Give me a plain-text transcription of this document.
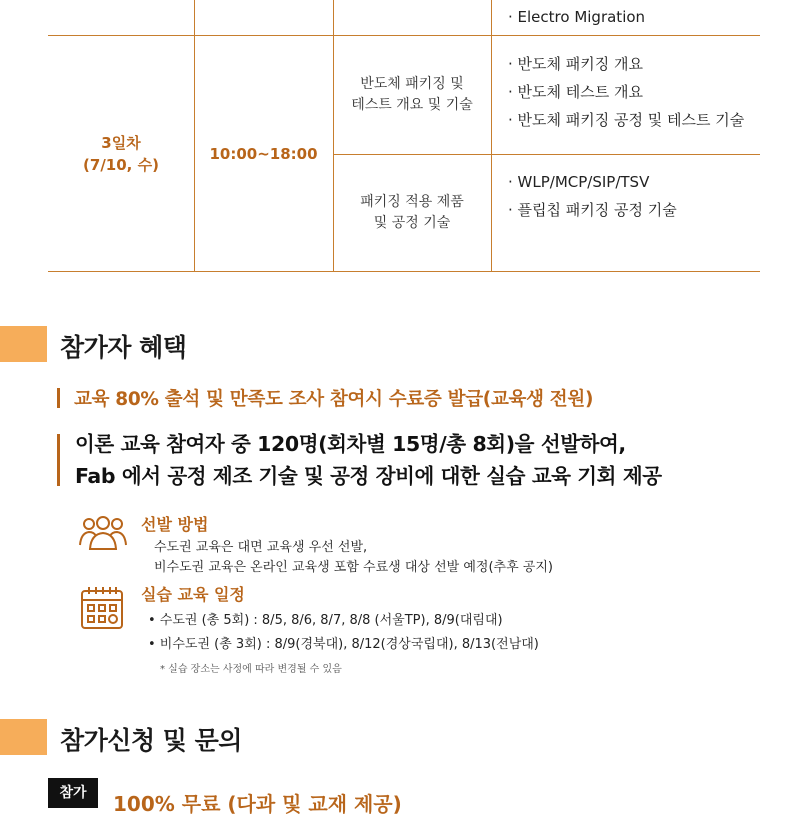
· Electro Migration
3일차
(7/10, 수)
10:00~18:00
반도체 패키징 및
테스트 개요 및 기술
· 반도체 패키징 개요
· 반도체 테스트 개요
· 반도체 패키징 공정 및 테스트 기술
패키징 적용 제품
및 공정 기술
· WLP/MCP/SIP/TSV
· 플립칩 패키징 공정 기술
참가자 혜택
교육 80% 출석 및 만족도 조사 참여시 수료증 발급(교육생 전원)
이론 교육 참여자 중 120명(회차별 15명/총 8회)을 선발하여,
Fab 에서 공정 제조 기술 및 공정 장비에 대한 실습 교육 기회 제공
선발 방법
수도권 교육은 대면 교육생 우선 선발,
비수도권 교육은 온라인 교육생 포함 수료생 대상 선발 예정(추후 공지)
실습 교육 일정
• 수도권 (총 5회) : 8/5, 8/6, 8/7, 8/8 (서울TP), 8/9(대림대)
• 비수도권 (총 3회) : 8/9(경북대), 8/12(경상국립대), 8/13(전남대)
* 실습 장소는 사정에 따라 변경될 수 있음
참가신청 및 문의
참가	100% 무료 (다과 및 교재 제공)
